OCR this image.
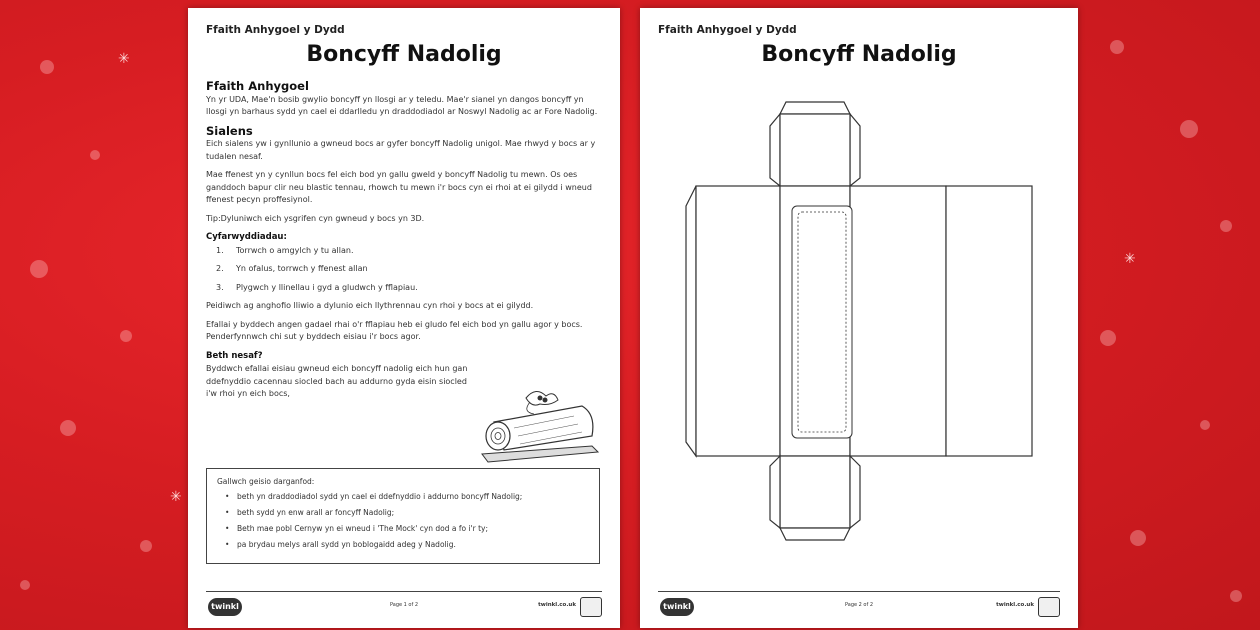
✳
✳
✳
Ffaith Anhygoel y Dydd
Boncyff Nadolig
Ffaith Anhygoel
Yn yr UDA, Mae'n bosib gwylio boncyff yn llosgi ar y teledu. Mae'r sianel yn dangos boncyff yn llosgi yn barhaus sydd yn cael ei ddarlledu yn draddodiadol ar Noswyl Nadolig ac ar Fore Nadolig.
Sialens
Eich sialens yw i gynllunio a gwneud bocs ar gyfer boncyff Nadolig unigol. Mae rhwyd y bocs ar y tudalen nesaf.
Mae ffenest yn y cynllun bocs fel eich bod yn gallu gweld y boncyff Nadolig tu mewn. Os oes ganddoch bapur clir neu blastic tennau, rhowch tu mewn i'r bocs cyn ei rhoi at ei gilydd i wneud ffenest pecyn proffesiynol.
Tip:Dyluniwch eich ysgrifen cyn gwneud y bocs yn 3D.
Cyfarwyddiadau:
1.	Torrwch o amgylch y tu allan.
2.	Yn ofalus, torrwch y ffenest allan
3.	Plygwch y llinellau i gyd a gludwch y fflapiau.
Peidiwch ag anghofio lliwio a dylunio eich llythrennau cyn rhoi y bocs at ei gilydd.
Efallai y byddech angen gadael rhai o'r fflapiau heb ei gludo fel eich bod yn gallu agor y bocs. Penderfynnwch chi sut y byddech eisiau i'r bocs agor.
Beth nesaf?
Byddwch efallai eisiau gwneud eich boncyff nadolig eich hun gan ddefnyddio cacennau siocled bach au addurno gyda eisin siocled i'w rhoi yn eich bocs,
Gallwch geisio darganfod:
•	beth yn draddodiadol sydd yn cael ei ddefnyddio i addurno boncyff Nadolig;
•	beth sydd yn enw arall ar foncyff Nadolig;
•	Beth mae pobl Cernyw yn ei wneud i 'The Mock' cyn dod a fo i'r ty;
•	pa brydau melys arall sydd yn boblogaidd adeg y Nadolig.
twinkl	Page 1 of 2	twinkl.co.uk
Ffaith Anhygoel y Dydd
Boncyff Nadolig
twinkl	Page 2 of 2	twinkl.co.uk
